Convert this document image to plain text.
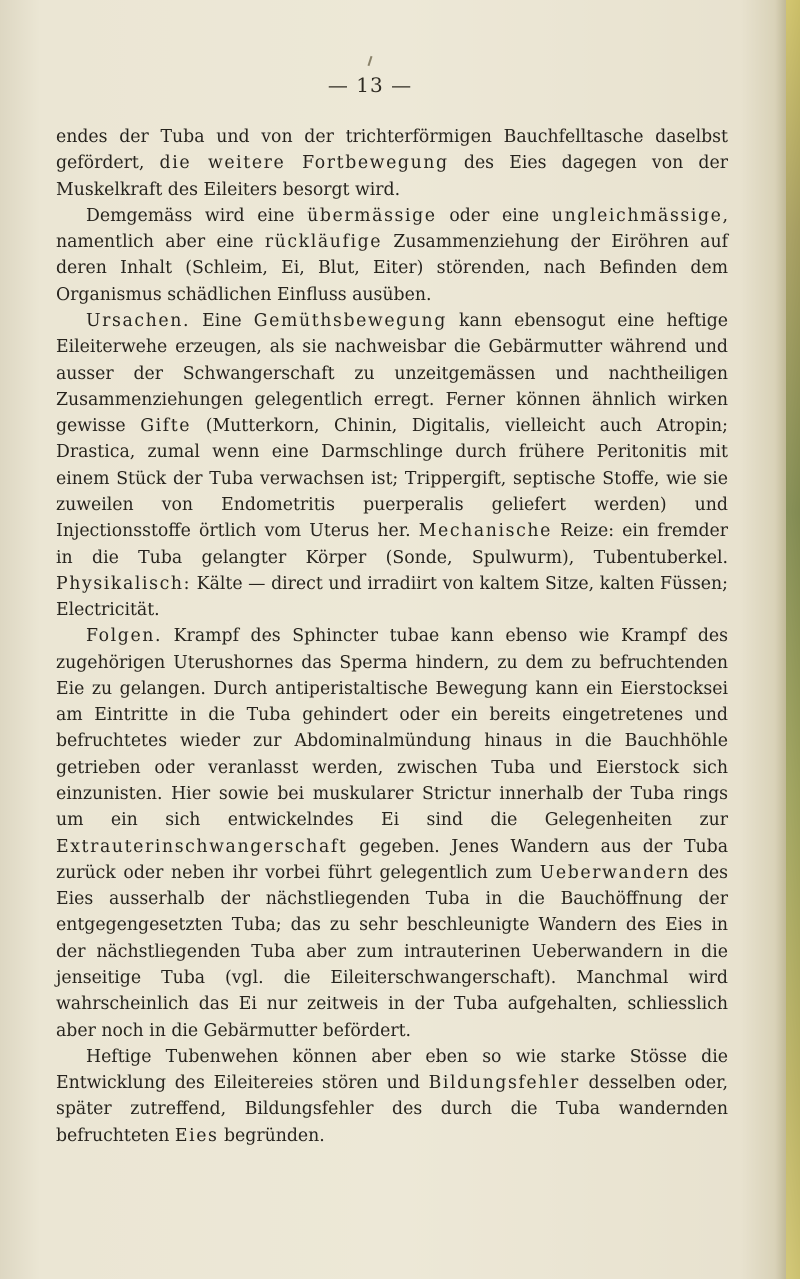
— 13 —

endes der Tuba und von der trichterförmigen Bauchfelltasche daselbst gefördert, die weitere Fortbewegung des Eies dagegen von der Muskelkraft des Eileiters besorgt wird.

Demgemäss wird eine übermässige oder eine ungleichmässige, namentlich aber eine rückläufige Zusammenziehung der Eiröhren auf deren Inhalt (Schleim, Ei, Blut, Eiter) störenden, nach Befinden dem Organismus schädlichen Einfluss ausüben.

Ursachen. Eine Gemüthsbewegung kann ebensogut eine heftige Eileiterwehe erzeugen, als sie nachweisbar die Gebärmutter während und ausser der Schwangerschaft zu unzeitgemässen und nachtheiligen Zusammenziehungen gelegentlich erregt. Ferner können ähnlich wirken gewisse Gifte (Mutterkorn, Chinin, Digitalis, vielleicht auch Atropin; Drastica, zumal wenn eine Darmschlinge durch frühere Peritonitis mit einem Stück der Tuba verwachsen ist; Trippergift, septische Stoffe, wie sie zuweilen von Endometritis puerperalis geliefert werden) und Injectionsstoffe örtlich vom Uterus her. Mechanische Reize: ein fremder in die Tuba gelangter Körper (Sonde, Spulwurm), Tubentuberkel. Physikalisch: Kälte — direct und irradiirt von kaltem Sitze, kalten Füssen; Electricität.

Folgen. Krampf des Sphincter tubae kann ebenso wie Krampf des zugehörigen Uterushornes das Sperma hindern, zu dem zu befruchtenden Eie zu gelangen. Durch antiperistaltische Bewegung kann ein Eierstocksei am Eintritte in die Tuba gehindert oder ein bereits eingetretenes und befruchtetes wieder zur Abdominalmündung hinaus in die Bauchhöhle getrieben oder veranlasst werden, zwischen Tuba und Eierstock sich einzunisten. Hier sowie bei muskularer Strictur innerhalb der Tuba rings um ein sich entwickelndes Ei sind die Gelegenheiten zur Extrauterinschwangerschaft gegeben. Jenes Wandern aus der Tuba zurück oder neben ihr vorbei führt gelegentlich zum Ueberwandern des Eies ausserhalb der nächstliegenden Tuba in die Bauchöffnung der entgegengesetzten Tuba; das zu sehr beschleunigte Wandern des Eies in der nächstliegenden Tuba aber zum intrauterinen Ueberwandern in die jenseitige Tuba (vgl. die Eileiterschwangerschaft). Manchmal wird wahrscheinlich das Ei nur zeitweis in der Tuba aufgehalten, schliesslich aber noch in die Gebärmutter befördert.

Heftige Tubenwehen können aber eben so wie starke Stösse die Entwicklung des Eileitereies stören und Bildungsfehler desselben oder, später zutreffend, Bildungsfehler des durch die Tuba wandernden befruchteten Eies begründen.
